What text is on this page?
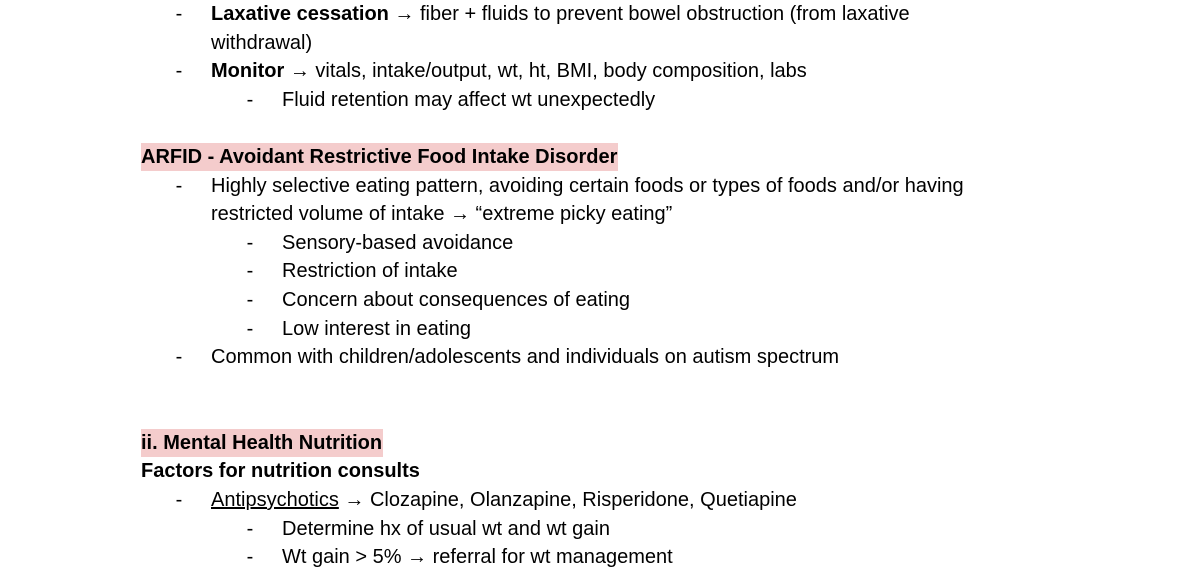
-	Laxative cessation → fiber + fluids to prevent bowel obstruction (from laxative
withdrawal)
-	Monitor → vitals, intake/output, wt, ht, BMI, body composition, labs
-	Fluid retention may affect wt unexpectedly
ARFID - Avoidant Restrictive Food Intake Disorder
-	Highly selective eating pattern, avoiding certain foods or types of foods and/or having
restricted volume of intake → “extreme picky eating”
-	Sensory-based avoidance
-	Restriction of intake
-	Concern about consequences of eating
-	Low interest in eating
-	Common with children/adolescents and individuals on autism spectrum
ii. Mental Health Nutrition
Factors for nutrition consults
-	Antipsychotics → Clozapine, Olanzapine, Risperidone, Quetiapine
-	Determine hx of usual wt and wt gain
-	Wt gain > 5% → referral for wt management
